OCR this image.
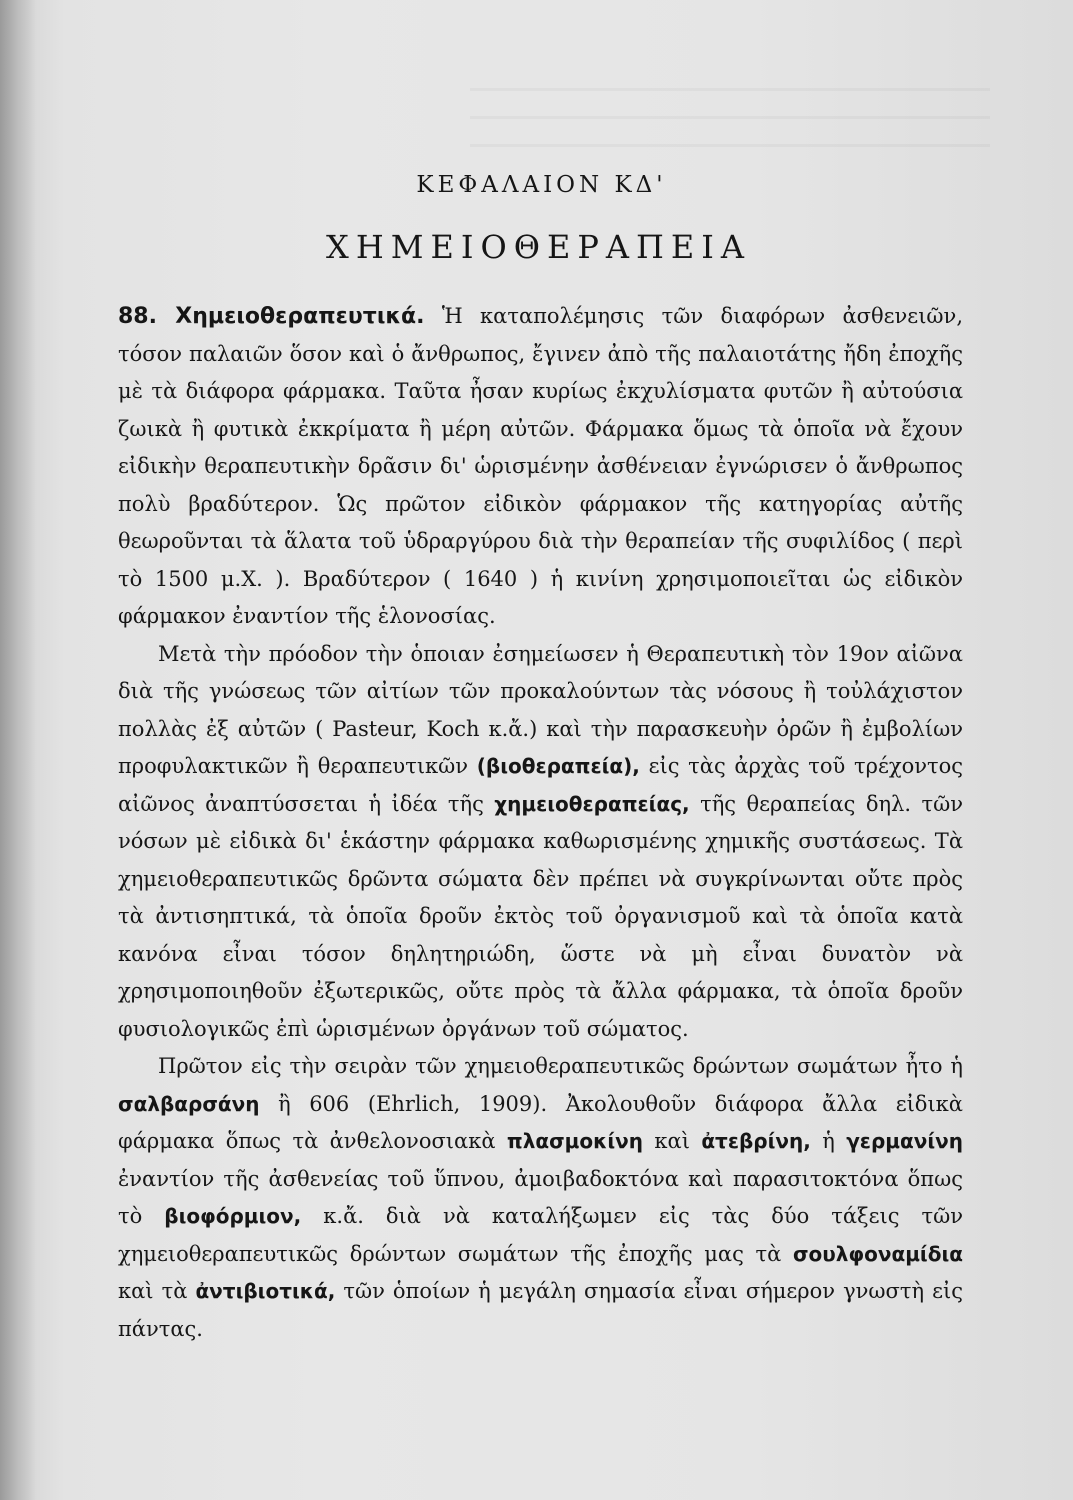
ΚΕΦΑΛΑΙΟΝ ΚΔ'
ΧΗΜΕΙΟΘΕΡΑΠΕΙΑ

88. Χημειοθεραπευτικά. Ἡ καταπολέμησις τῶν διαφόρων ἀσθενειῶν, τόσον παλαιῶν ὅσον καὶ ὁ ἄνθρωπος, ἔγινεν ἀπὸ τῆς παλαιοτάτης ἤδη ἐποχῆς μὲ τὰ διάφορα φάρμακα. Ταῦτα ἦσαν κυρίως ἐκχυλίσματα φυτῶν ἢ αὐτούσια ζωικὰ ἢ φυτικὰ ἐκκρίματα ἢ μέρη αὐτῶν. Φάρμακα ὅμως τὰ ὁποῖα νὰ ἔχουν εἰδικὴν θεραπευτικὴν δρᾶσιν δι' ὡρισμένην ἀσθένειαν ἐγνώρισεν ὁ ἄνθρωπος πολὺ βραδύτερον. Ὡς πρῶτον εἰδικὸν φάρμακον τῆς κατηγορίας αὐτῆς θεωροῦνται τὰ ἅλατα τοῦ ὑδραργύρου διὰ τὴν θεραπείαν τῆς συφιλίδος ( περὶ τὸ 1500 μ.Χ. ). Βραδύτερον ( 1640 ) ἡ κινίνη χρησιμοποιεῖται ὡς εἰδικὸν φάρμακον ἐναντίον τῆς ἑλονοσίας.

Μετὰ τὴν πρόοδον τὴν ὁποιαν ἐσημείωσεν ἡ Θεραπευτικὴ τὸν 19ον αἰῶνα διὰ τῆς γνώσεως τῶν αἰτίων τῶν προκαλούντων τὰς νόσους ἢ τοὐλάχιστον πολλὰς ἐξ αὐτῶν ( Pasteur, Koch κ.ἄ.) καὶ τὴν παρασκευὴν ὀρῶν ἢ ἐμβολίων προφυλακτικῶν ἢ θεραπευτικῶν (βιοθεραπεία), εἰς τὰς ἀρχὰς τοῦ τρέχοντος αἰῶνος ἀναπτύσσεται ἡ ἰδέα τῆς χημειοθεραπείας, τῆς θεραπείας δηλ. τῶν νόσων μὲ εἰδικὰ δι' ἑκάστην φάρμακα καθωρισμένης χημικῆς συστάσεως. Τὰ χημειοθεραπευτικῶς δρῶντα σώματα δὲν πρέπει νὰ συγκρίνωνται οὔτε πρὸς τὰ ἀντισηπτικά, τὰ ὁποῖα δροῦν ἐκτὸς τοῦ ὀργανισμοῦ καὶ τὰ ὁποῖα κατὰ κανόνα εἶναι τόσον δηλητηριώδη, ὥστε νὰ μὴ εἶναι δυνατὸν νὰ χρησιμοποιηθοῦν ἐξωτερικῶς, οὔτε πρὸς τὰ ἄλλα φάρμακα, τὰ ὁποῖα δροῦν φυσιολογικῶς ἐπὶ ὡρισμένων ὀργάνων τοῦ σώματος.

Πρῶτον εἰς τὴν σειρὰν τῶν χημειοθεραπευτικῶς δρώντων σωμάτων ἦτο ἡ σαλβαρσάνη ἢ 606 (Ehrlich, 1909). Ἀκολουθοῦν διάφορα ἄλλα εἰδικὰ φάρμακα ὅπως τὰ ἀνθελονοσιακὰ πλασμοκίνη καὶ ἀτεβρίνη, ἡ γερμανίνη ἐναντίον τῆς ἀσθενείας τοῦ ὕπνου, ἀμοιβαδοκτόνα καὶ παρασιτοκτόνα ὅπως τὸ βιοφόρμιον, κ.ἄ. διὰ νὰ καταλήξωμεν εἰς τὰς δύο τάξεις τῶν χημειοθεραπευτικῶς δρώντων σωμάτων τῆς ἐποχῆς μας τὰ σουλφοναμίδια καὶ τὰ ἀντιβιοτικά, τῶν ὁποίων ἡ μεγάλη σημασία εἶναι σήμερον γνωστὴ εἰς πάντας.
